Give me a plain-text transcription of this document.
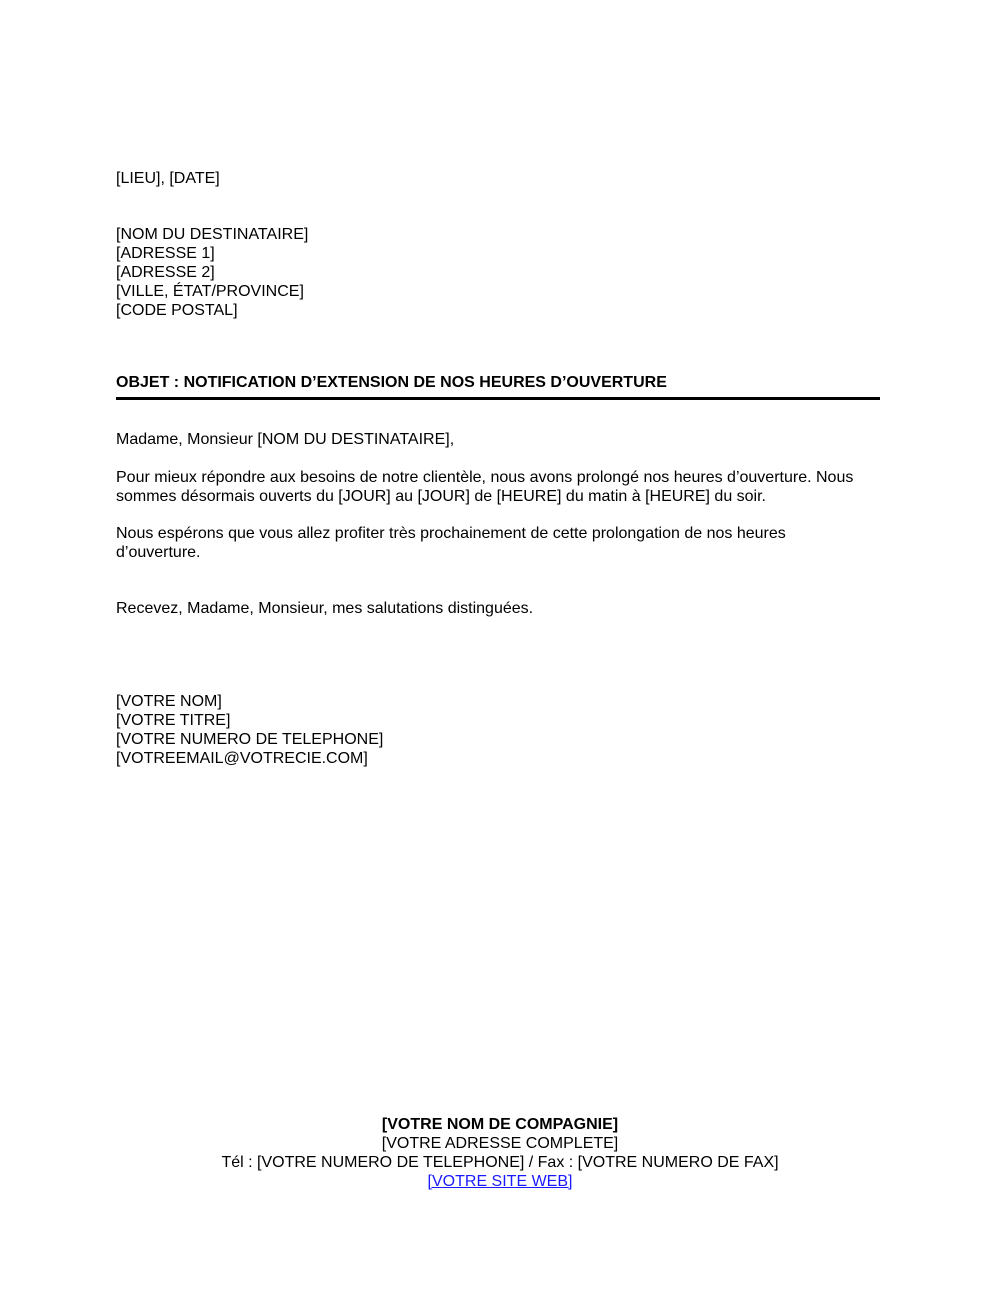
[LIEU], [DATE]
[NOM DU DESTINATAIRE]
[ADRESSE 1]
[ADRESSE 2]
[VILLE, ÉTAT/PROVINCE]
[CODE POSTAL]
OBJET : NOTIFICATION D’EXTENSION DE NOS HEURES D’OUVERTURE
Madame, Monsieur [NOM DU DESTINATAIRE],
Pour mieux répondre aux besoins de notre clientèle, nous avons prolongé nos heures d’ouverture. Nous
sommes désormais ouverts du [JOUR] au [JOUR] de [HEURE] du matin à [HEURE] du soir.
Nous espérons que vous allez profiter très prochainement de cette prolongation de nos heures
d’ouverture.
Recevez, Madame, Monsieur, mes salutations distinguées.
[VOTRE NOM]
[VOTRE TITRE]
[VOTRE NUMERO DE TELEPHONE]
[VOTREEMAIL@VOTRECIE.COM]
[VOTRE NOM DE COMPAGNIE]
[VOTRE ADRESSE COMPLETE]
Tél : [VOTRE NUMERO DE TELEPHONE] / Fax : [VOTRE NUMERO DE FAX]
[VOTRE SITE WEB]
